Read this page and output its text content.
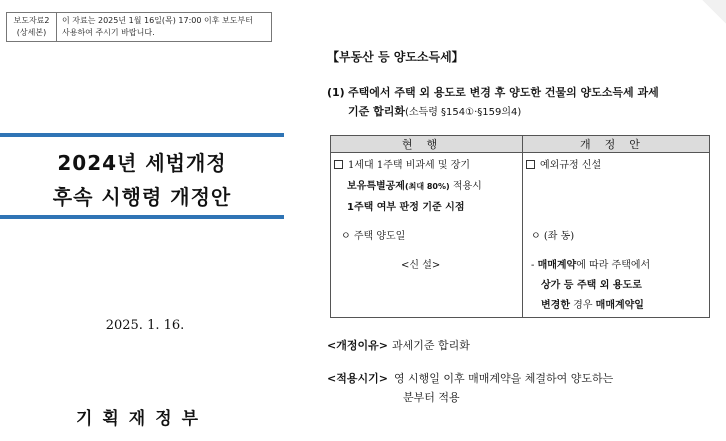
보도자료2
(상세본)
이 자료는 2025년 1월 16일(목) 17:00 이후 보도부터
사용하여 주시기 바랍니다.
2024년 세법개정
후속 시행령 개정안
2025. 1. 16.
기획재정부
【부동산 등 양도소득세】
(1) 주택에서 주택 외 용도로 변경 후 양도한 건물의 양도소득세 과세
기준 합리화(소득령 §154①·§159의4)
현행	개정안
1세대 1주택 비과세 및 장기
보유특별공제(최대 80%) 적용시
1주택 여부 판정 기준 시점
ㅇ 주택 양도일
<신 설>
예외규정 신설
ㅇ (좌 동)
- 매매계약에 따라 주택에서
상가 등 주택 외 용도로
변경한 경우 매매계약일
<개정이유> 과세기준 합리화
<적용시기> 영 시행일 이후 매매계약을 체결하여 양도하는
분부터 적용
